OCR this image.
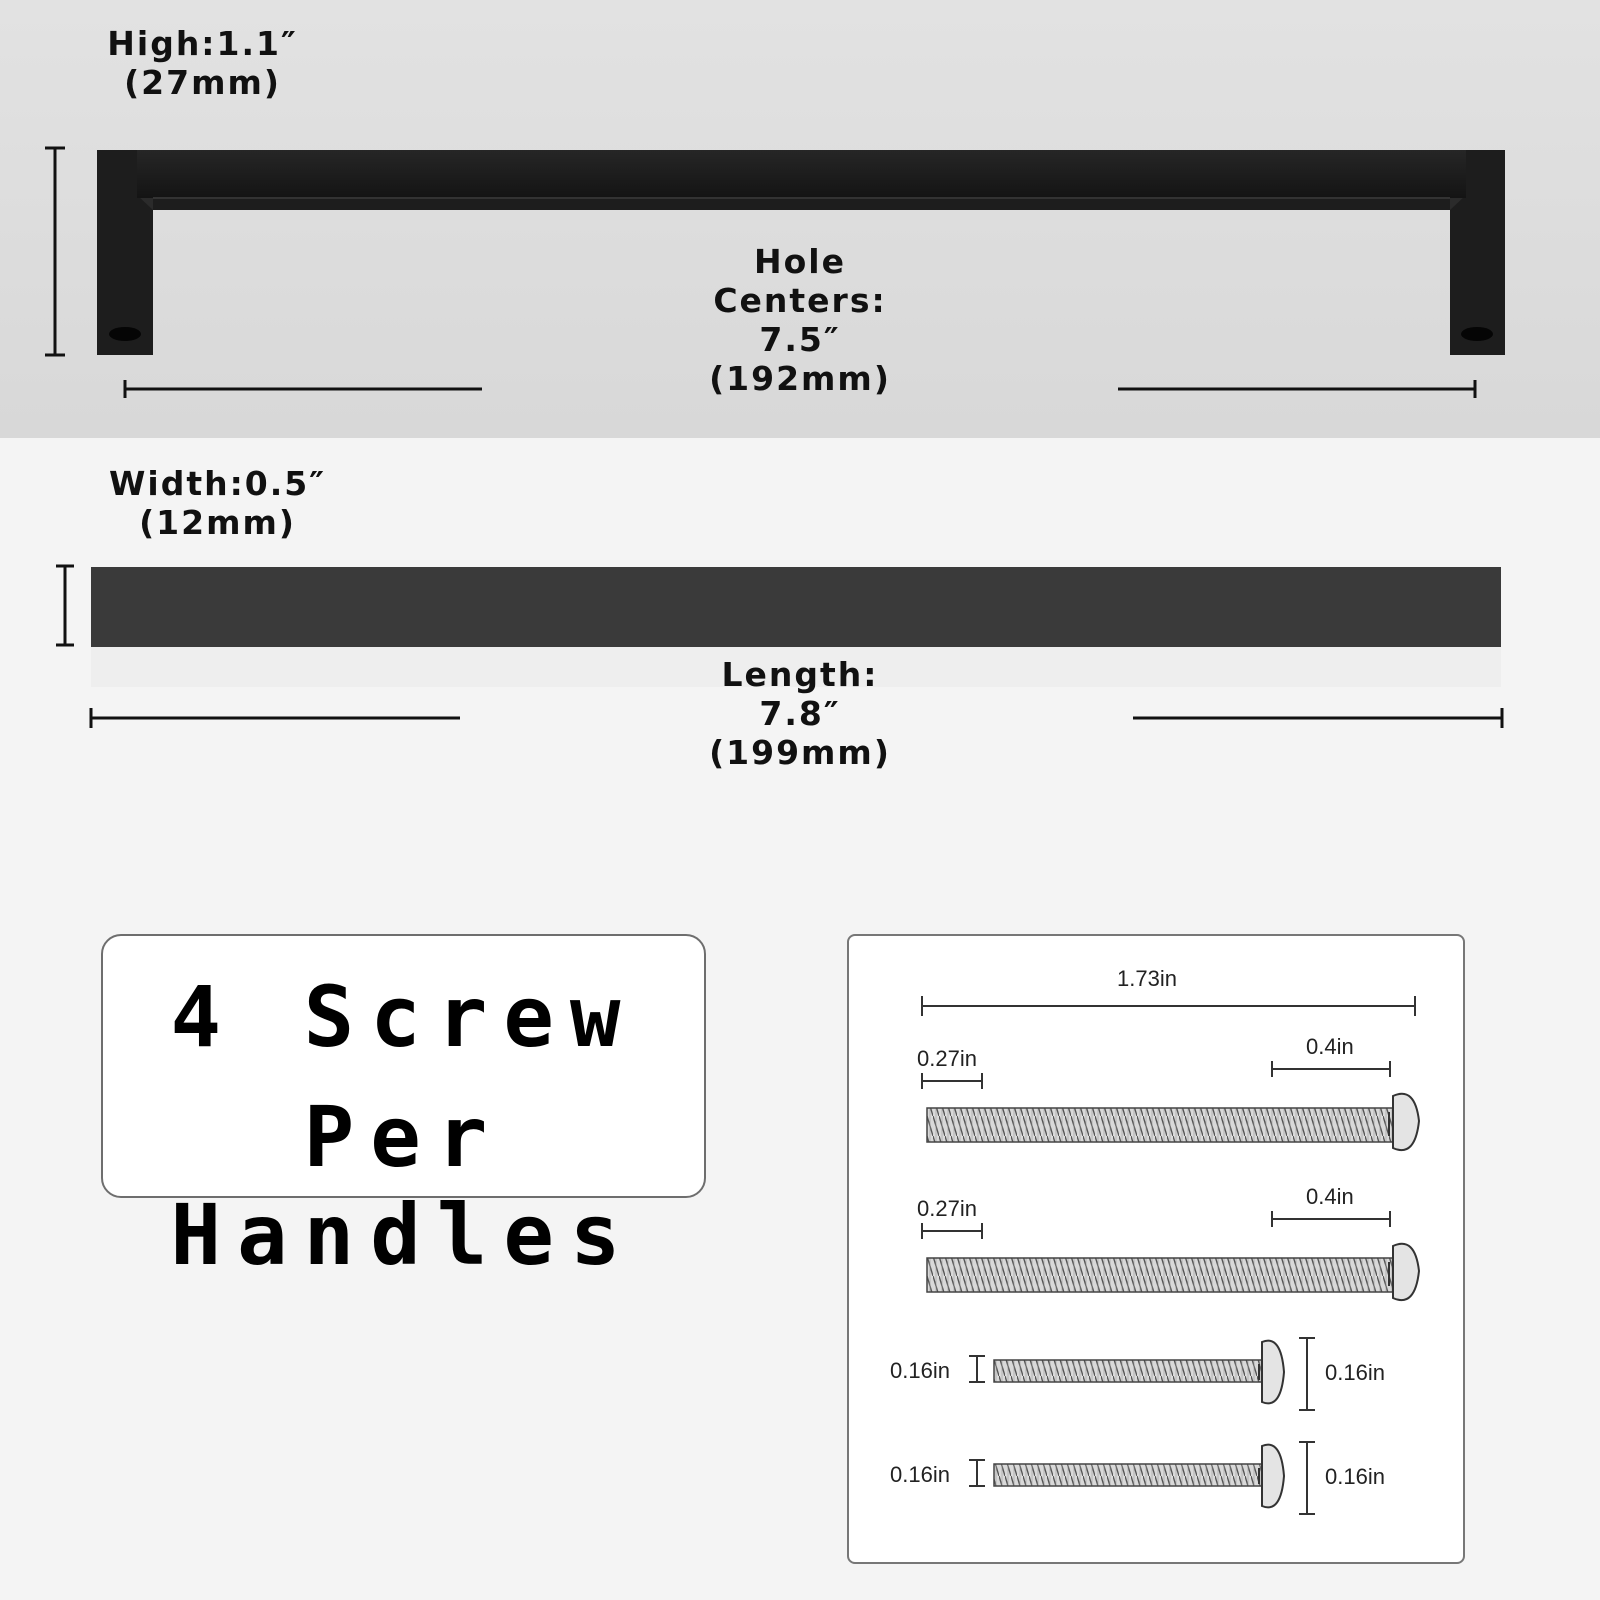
High:1.1″
(27mm)
Hole
Centers:
7.5″
(192mm)
Width:0.5″
(12mm)
Length:
7.8″
(199mm)
4 Screw
Per Handles
1.73in
0.27in	0.4in
0.27in	0.4in
0.16in	0.16in
0.16in	0.16in
